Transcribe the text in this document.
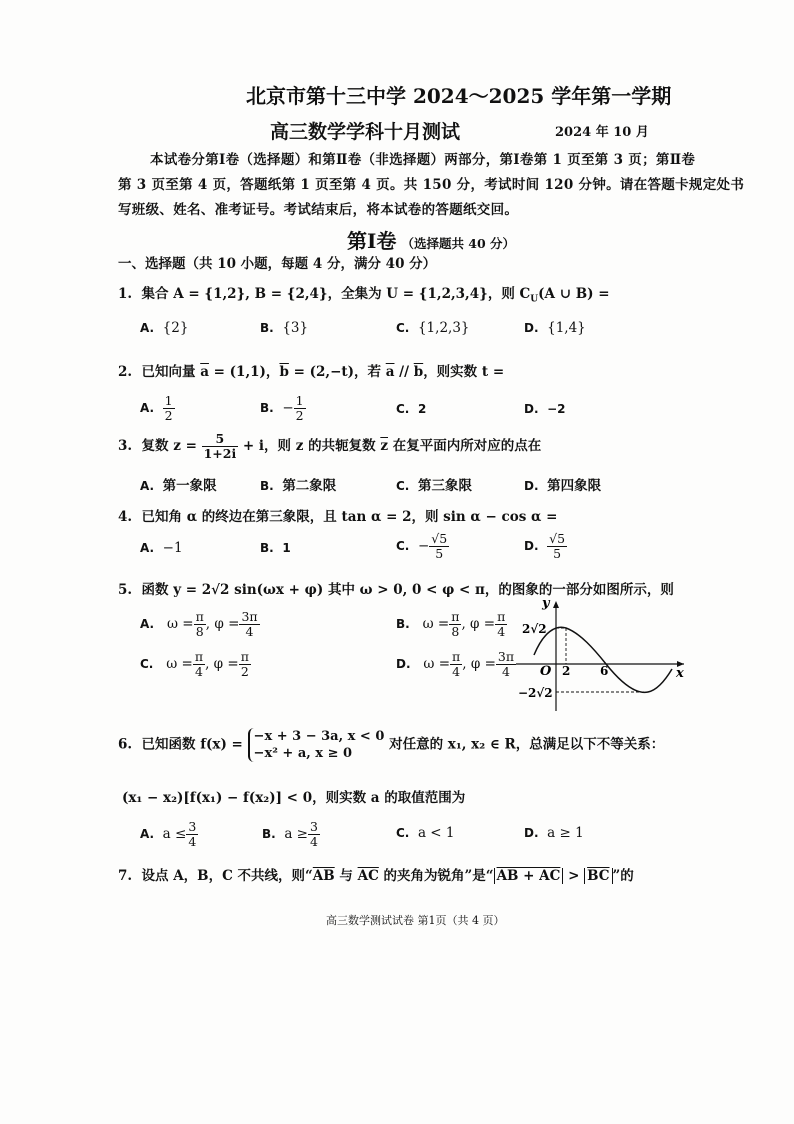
北京市第十三中学 2024～2025 学年第一学期
高三数学学科十月测试	2024 年 10 月
本试卷分第Ⅰ卷（选择题）和第Ⅱ卷（非选择题）两部分，第Ⅰ卷第 1 页至第 3 页；第Ⅱ卷
第 3 页至第 4 页，答题纸第 1 页至第 4 页。共 150 分，考试时间 120 分钟。请在答题卡规定处书
写班级、姓名、准考证号。考试结束后，将本试卷的答题纸交回。
第Ⅰ卷 （选择题共 40 分）
一、选择题（共 10 小题，每题 4 分，满分 40 分）
1. 集合 A = {1,2}, B = {2,4}，全集为 U = {1,2,3,4}，则 $C_U(A$ ∪ B) =
A. {2}	B. {3}	C. {1,2,3}	D. {1,4}
2. 已知向量 $\overline{a} = (1,1)$，$\overline{b} = (2,-t)$，若 $\overline{a} // \overline{b}$，则实数 t =
A. $\frac{1}{2}$	B. − $\frac{1}{2}$	C. 2	D. −2
3. 复数 $z = \frac{5}{1+2i} + i$，则 z 的共轭复数 $\overline{z}$ 在复平面内所对应的点在
A. 第一象限	B. 第二象限	C. 第三象限	D. 第四象限
4. 已知角 α 的终边在第三象限，且 tan α = 2，则 sin α − cos α =
A. −1	B. 1	C. − $\frac{√5}{5}$	D. $\frac{√5}{5}$
5. 函数 y = 2√2 sin(ωx + φ) 其中 ω > 0, 0 < φ < π，的图象的一部分如图所示，则
A. $\omega = \frac{\pi}{8}$ , $\varphi = \frac{3\pi}{4}$	B. $\omega = \frac{\pi}{8}$ , $\varphi = \frac{\pi}{4}$
C. $\omega = \frac{\pi}{4}$ , $\varphi = \frac{\pi}{2}$	D. $\omega = \frac{\pi}{4}$ , $\varphi = \frac{3\pi}{4}$
y
x
O 2 6
2√2
−2√2
6. 已知函数 f(x) = −x + 3 − 3a, x < 0
−x² + a, x ≥ 0
对任意的 x₁, x₂ ∈ R，总满足以下不等关系：
(x₁ − x₂)[f(x₁) − f(x₂)] < 0，则实数 a 的取值范围为
A. $a \le \frac{3}{4}$	B. $a \ge \frac{3}{4}$	C. a < 1	D. a ≥ 1
7. 设点 A，B，C 不共线，则“$\overline{AB}$ 与 $\overline{AC}$ 的夹角为锐角”是“ AB + AC > $\overline{BC}$ ”的
高三数学测试试卷 第1页（共 4 页）
